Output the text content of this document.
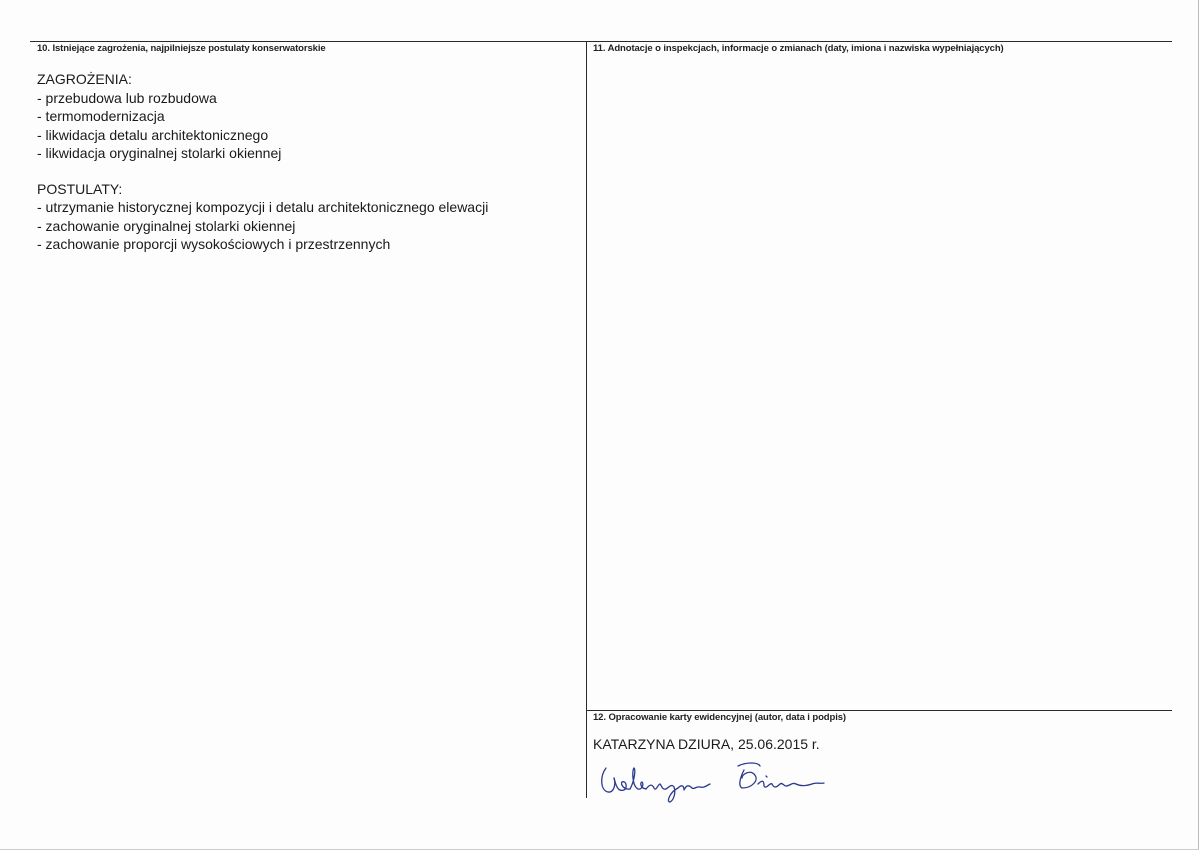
10. Istniejące zagrożenia, najpilniejsze postulaty konserwatorskie	11. Adnotacje o inspekcjach, informacje o zmianach (daty, imiona i nazwiska wypełniających)
12. Opracowanie karty ewidencyjnej (autor, data i podpis)
ZAGROŻENIA:
- przebudowa lub rozbudowa
- termomodernizacja
- likwidacja detalu architektonicznego
- likwidacja oryginalnej stolarki okiennej
POSTULATY:
- utrzymanie historycznej kompozycji i detalu architektonicznego elewacji
- zachowanie oryginalnej stolarki okiennej
- zachowanie proporcji wysokościowych i przestrzennych
KATARZYNA DZIURA, 25.06.2015 r.
